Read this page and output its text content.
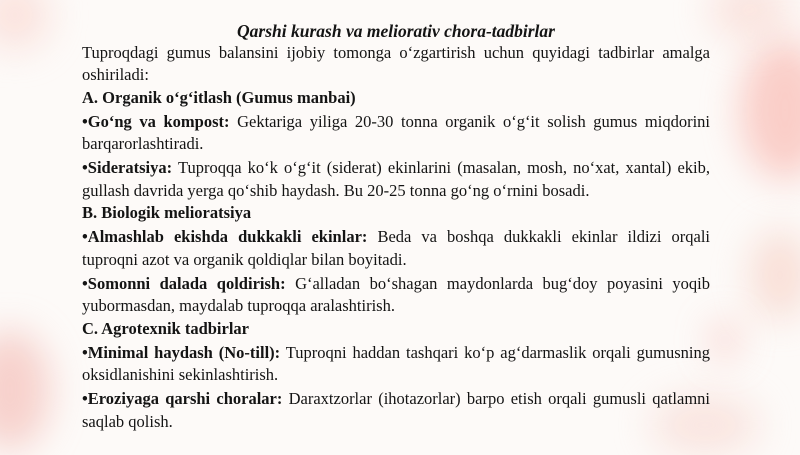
Qarshi kurash va meliorativ chora-tadbirlar

Tuproqdagi gumus balansini ijobiy tomonga o‘zgartirish uchun quyidagi tadbirlar amalga oshiriladi:

A. Organik o‘g‘itlash (Gumus manbai)

•Go‘ng va kompost: Gektariga yiliga 20-30 tonna organik o‘g‘it solish gumus miqdorini barqarorlashtiradi.

•Sideratsiya: Tuproqqa ko‘k o‘g‘it (siderat) ekinlarini (masalan, mosh, no‘xat, xantal) ekib, gullash davrida yerga qo‘shib haydash. Bu 20-25 tonna go‘ng o‘rnini bosadi.

B. Biologik melioratsiya

•Almashlab ekishda dukkakli ekinlar: Beda va boshqa dukkakli ekinlar ildizi orqali tuproqni azot va organik qoldiqlar bilan boyitadi.

•Somonni dalada qoldirish: G‘alladan bo‘shagan maydonlarda bug‘doy poyasini yoqib yubormasdan, maydalab tuproqqa aralashtirish.

C. Agrotexnik tadbirlar

•Minimal haydash (No-till): Tuproqni haddan tashqari ko‘p ag‘darmaslik orqali gumusning oksidlanishini sekinlashtirish.

•Eroziyaga qarshi choralar: Daraxtzorlar (ihotazorlar) barpo etish orqali gumusli qatlamni saqlab qolish.
